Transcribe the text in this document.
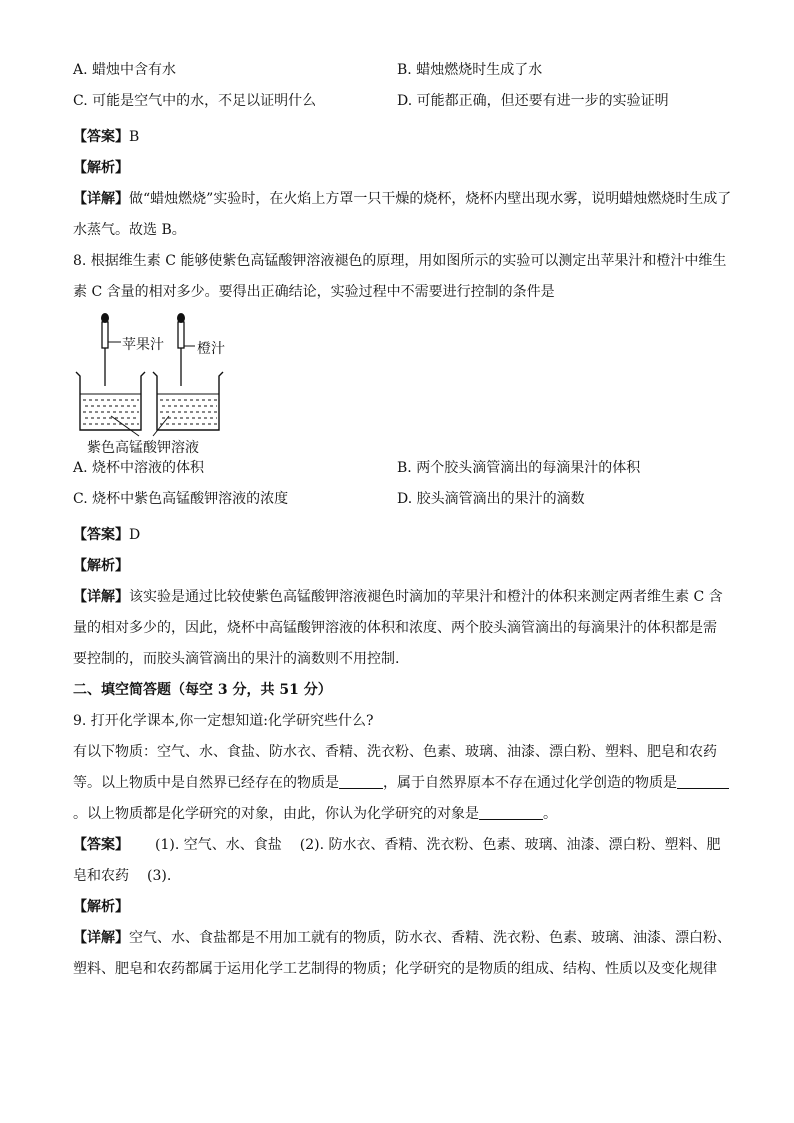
A. 蜡烛中含有水	B. 蜡烛燃烧时生成了水
C. 可能是空气中的水，不足以证明什么	D. 可能都正确，但还要有进一步的实验证明
【答案】B
【解析】
【详解】做“蜡烛燃烧”实验时，在火焰上方罩一只干燥的烧杯，烧杯内壁出现水雾，说明蜡烛燃烧时生成了
水蒸气。故选 B。
8. 根据维生素 C 能够使紫色高锰酸钾溶液褪色的原理，用如图所示的实验可以测定出苹果汁和橙汁中维生
素 C 含量的相对多少。要得出正确结论，实验过程中不需要进行控制的条件是
苹果汁 橙汁
紫色高锰酸钾溶液
A. 烧杯中溶液的体积	B. 两个胶头滴管滴出的每滴果汁的体积
C. 烧杯中紫色高锰酸钾溶液的浓度	D. 胶头滴管滴出的果汁的滴数
【答案】D
【解析】
【详解】该实验是通过比较使紫色高锰酸钾溶液褪色时滴加的苹果汁和橙汁的体积来测定两者维生素 C 含
量的相对多少的，因此，烧杯中高锰酸钾溶液的体积和浓度、两个胶头滴管滴出的每滴果汁的体积都是需
要控制的，而胶头滴管滴出的果汁的滴数则不用控制.
二、填空简答题（每空 3 分，共 51 分）
9. 打开化学课本,你一定想知道:化学研究些什么?
有以下物质：空气、水、食盐、防水衣、香精、洗衣粉、色素、玻璃、油漆、漂白粉、塑料、肥皂和农药
等。以上物质中是自然界已经存在的物质是	，属于自然界原本不存在通过化学创造的物质是
。以上物质都是化学研究的对象，由此，你认为化学研究的对象是	。
【答案】	(1). 空气、水、食盐 (2). 防水衣、香精、洗衣粉、色素、玻璃、油漆、漂白粉、塑料、肥
皂和农药 (3).
【解析】
【详解】空气、水、食盐都是不用加工就有的物质，防水衣、香精、洗衣粉、色素、玻璃、油漆、漂白粉、
塑料、肥皂和农药都属于运用化学工艺制得的物质；化学研究的是物质的组成、结构、性质以及变化规律
